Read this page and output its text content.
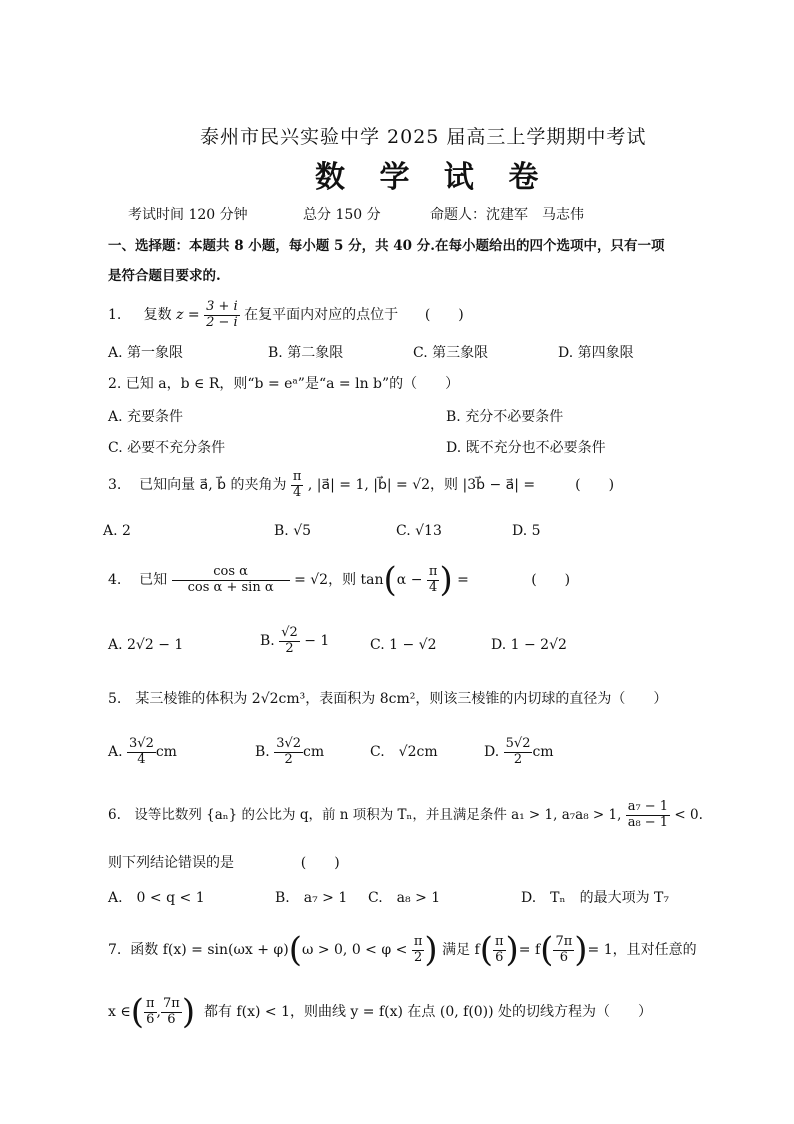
泰州市民兴实验中学 2025 届高三上学期期中考试
数 学 试 卷
考试时间 120 分钟	总分 150 分	命题人：沈建军　马志伟
一、选择题：本题共 8 小题，每小题 5 分，共 40 分.在每小题给出的四个选项中，只有一项
是符合题目要求的.
1. 复数 $z = \frac{3 + i}{2 - i}$ 在复平面内对应的点位于 (　　)
A. 第一象限	B. 第二象限	C. 第三象限	D. 第四象限
2. 已知 a，b ∈ R，则“b = eᵃ”是“a = ln b”的（　　）
A. 充要条件	B. 充分不必要条件
C. 必要不充分条件	D. 既不充分也不必要条件
3. 已知向量 a⃗, b⃗ 的夹角为 $\frac{\pi}{4}$ , |a⃗| = 1, |b⃗| = √2，则 |3b⃗ − a⃗| =	(　　)
A. 2	B. √5	C. √13	D. 5
4. 已知 $\frac{\text{cos α}}{\text{cos α + sin α}} = √2$，则 $\tan(\alpha - \frac{\pi}{4}$ ) =	(　　)
A. 2√2 − 1	B. $\frac{√2}{2} - 1$	C. 1 − √2	D. 1 − 2√2
5.　某三棱锥的体积为 2√2cm³，表面积为 8cm²，则该三棱锥的内切球的直径为（　　）
A. $\frac{3√2}{4}$ cm	B. $\frac{3√2}{2}$ cm	C.　√2cm	D. $\frac{5√2}{2}$ cm
6.　设等比数列 {aₙ} 的公比为 q，前 n 项积为 Tₙ，并且满足条件 a₁ > 1, a₇a₈ > 1, $\frac{\text{a₇ − 1}}{\text{a₈ − 1}} < 0$.
则下列结论错误的是	(　　)
A.　0 < q < 1	B.　a₇ > 1 C.　a₈ > 1	D.　Tₙ　的最大项为 T₇
7. 函数 f(x) = sin(ωx + φ)(ω > 0, $0 < \varphi < \frac{\pi}{2}$ ) 满足 $f( \frac{\pi}{6}$ )= $f( \frac{7\pi}{6}$ )= 1，且对任意的
x ∈( $\frac{\pi}{6}$ , $\frac{7\pi}{6}$ ) 都有 f(x) < 1，则曲线 y = f(x) 在点 (0, f(0)) 处的切线方程为（　　）
